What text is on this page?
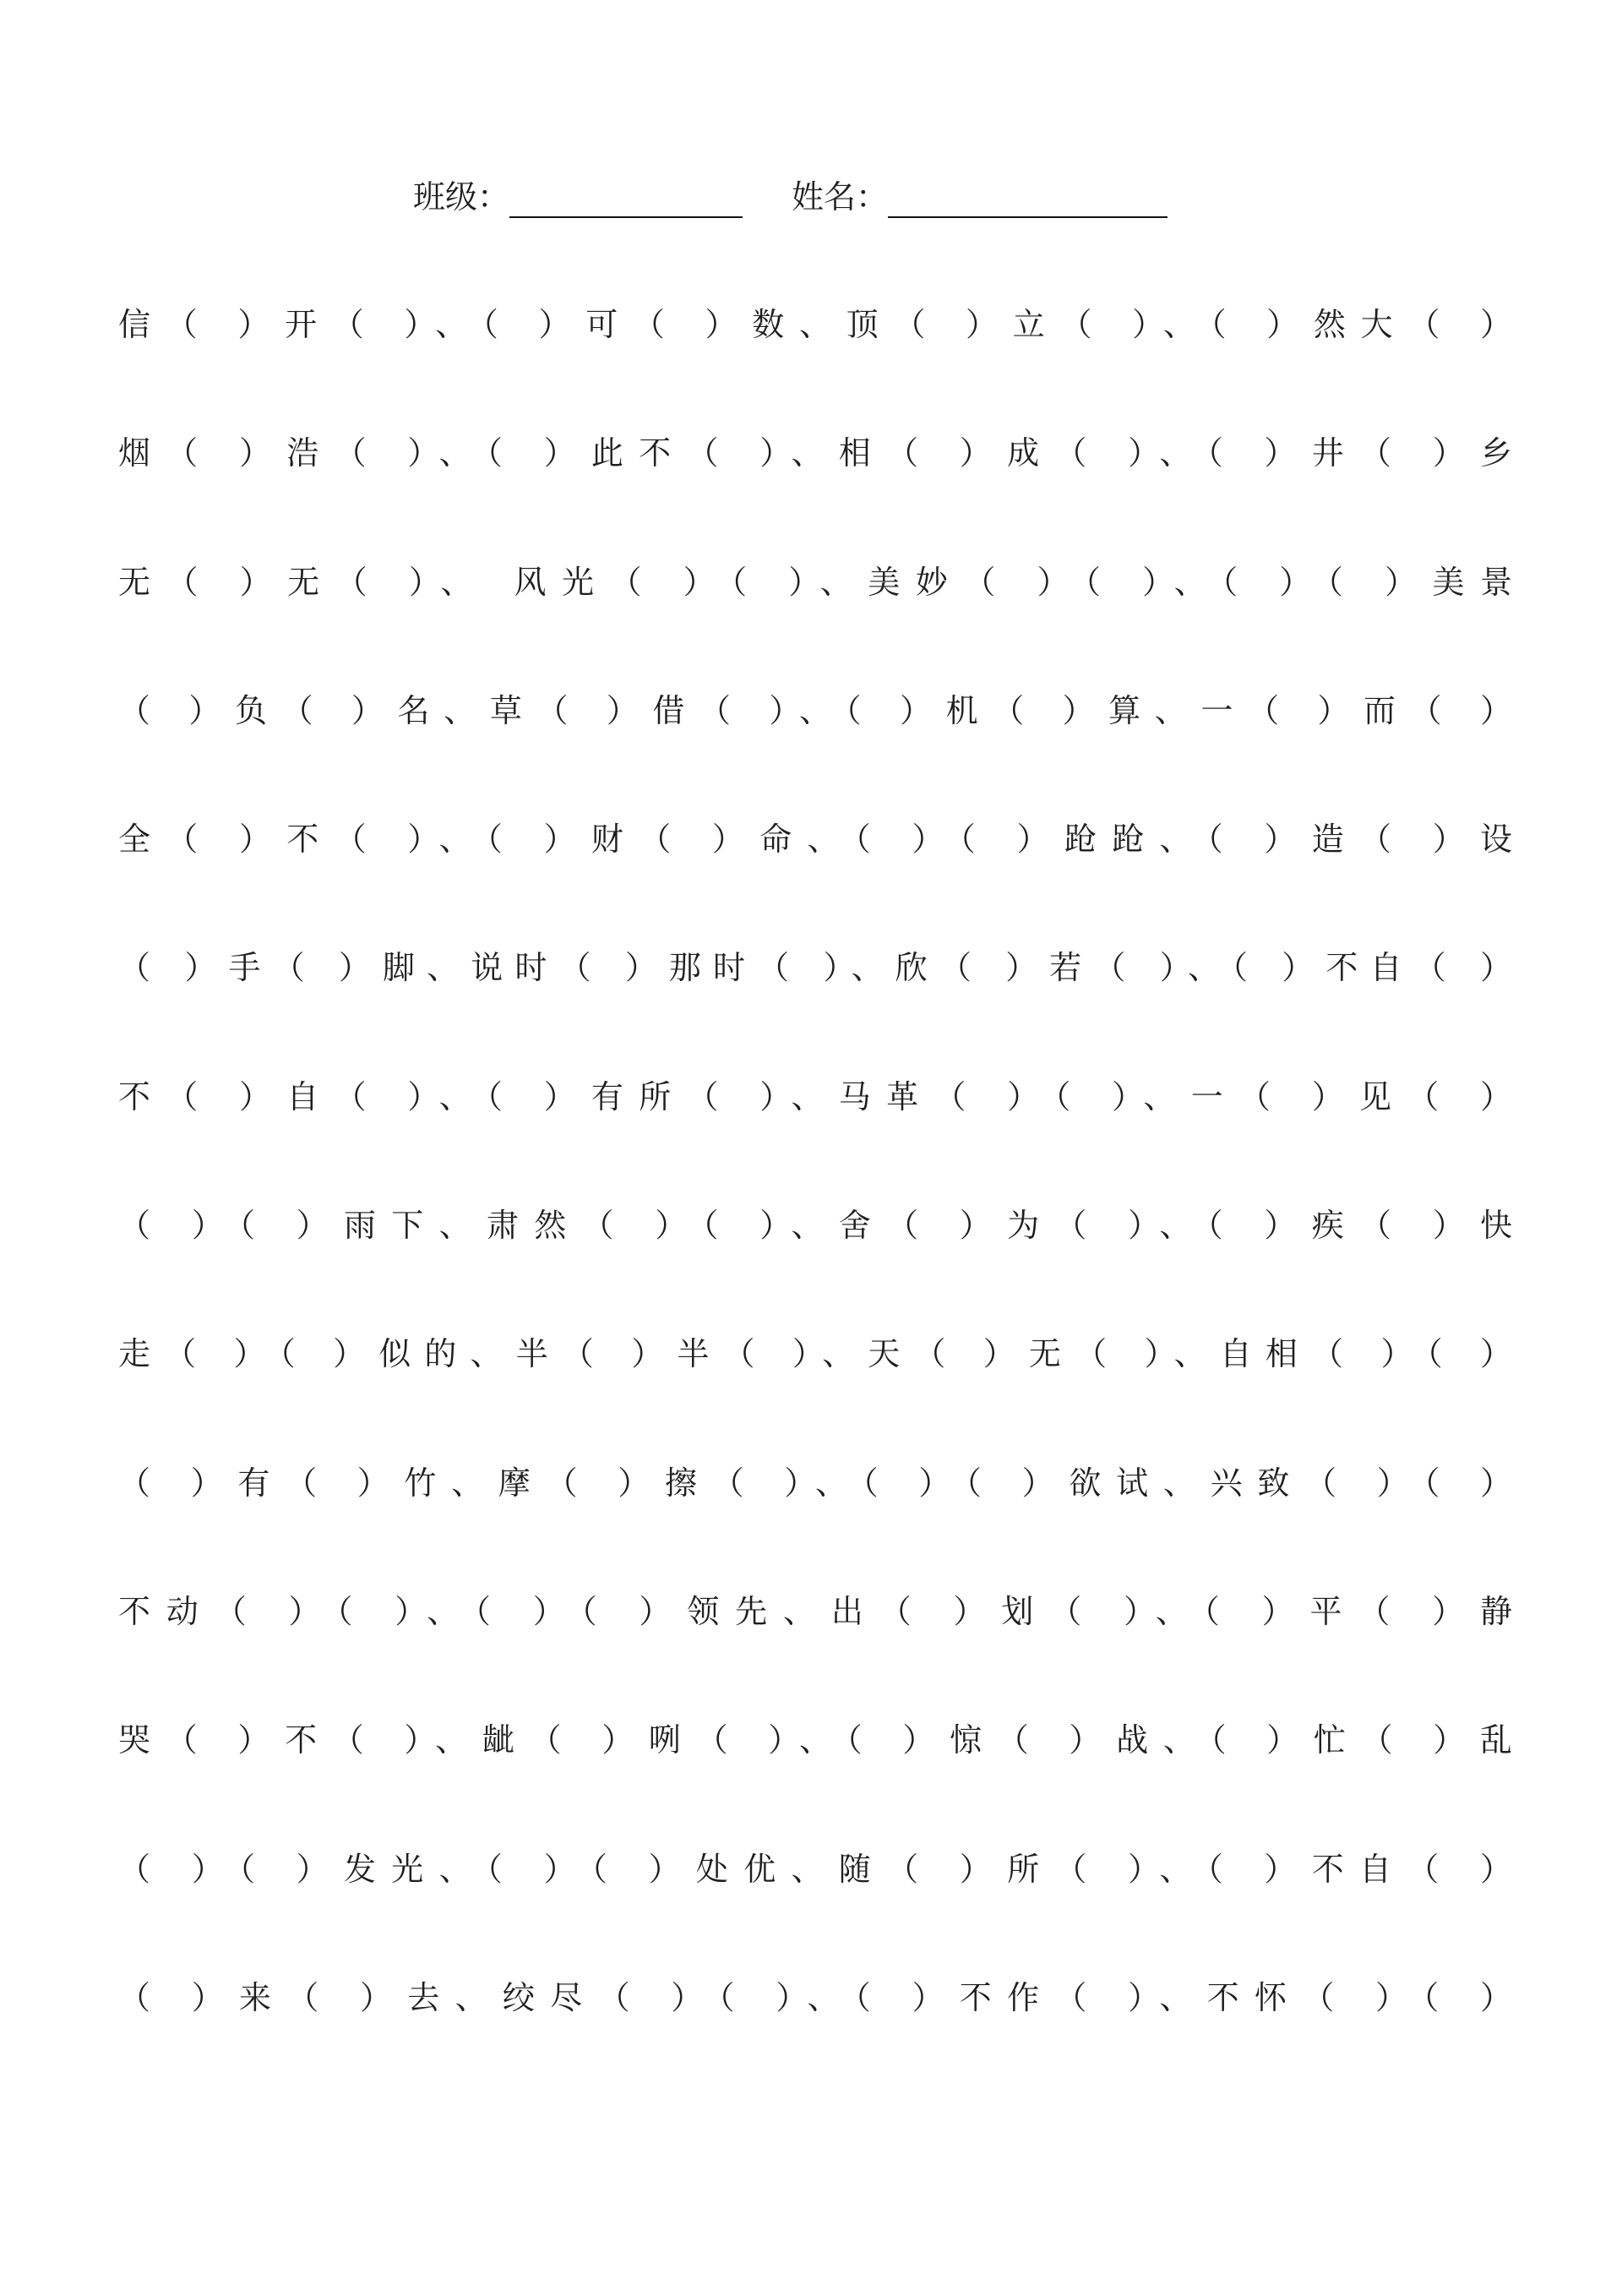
班级：	姓名：
信（ ）开（ ）、（ ）可（ ）数、顶（ ）立（ ）、（ ）然大（ ）
烟（ ）浩（ ）、（ ）此不（ ）、相（ ）成（ ）、（ ）井（ ）乡
无（ ）无（ ）、 风光（ ）（ ）、美妙（ ）（ ）、（ ）（ ）美景
（ ）负（ ）名、草（ ）借（ ）、（ ）机（ ）算、一（ ）而（ ）
全（ ）不（ ）、（ ）财（ ）命、（ ）（ ）跄跄、（ ）造（ ）设
（ ）手（ ）脚、说时（ ）那时（ ）、欣（ ）若（ ）、（ ）不自（ ）
不（ ）自（ ）、（ ）有所（ ）、马革（ ）（ ）、一（ ）见（ ）
（ ）（ ）雨下、肃然（ ）（ ）、舍（ ）为（ ）、（ ）疾（ ）快
走（ ）（ ）似的、半（ ）半（ ）、天（ ）无（ ）、自相（ ）（ ）
（ ）有（ ）竹、摩（ ）擦（ ）、（ ）（ ）欲试、兴致（ ）（ ）
不动（ ）（ ）、（ ）（ ）领先、出（ ）划（ ）、（ ）平（ ）静
哭（ ）不（ ）、龇（ ）咧（ ）、（ ）惊（ ）战、（ ）忙（ ）乱
（ ）（ ）发光、（ ）（ ）处优、随（ ）所（ ）、（ ）不自（ ）
（ ）来（ ）去、绞尽（ ）（ ）、（ ）不作（ ）、不怀（ ）（ ）
